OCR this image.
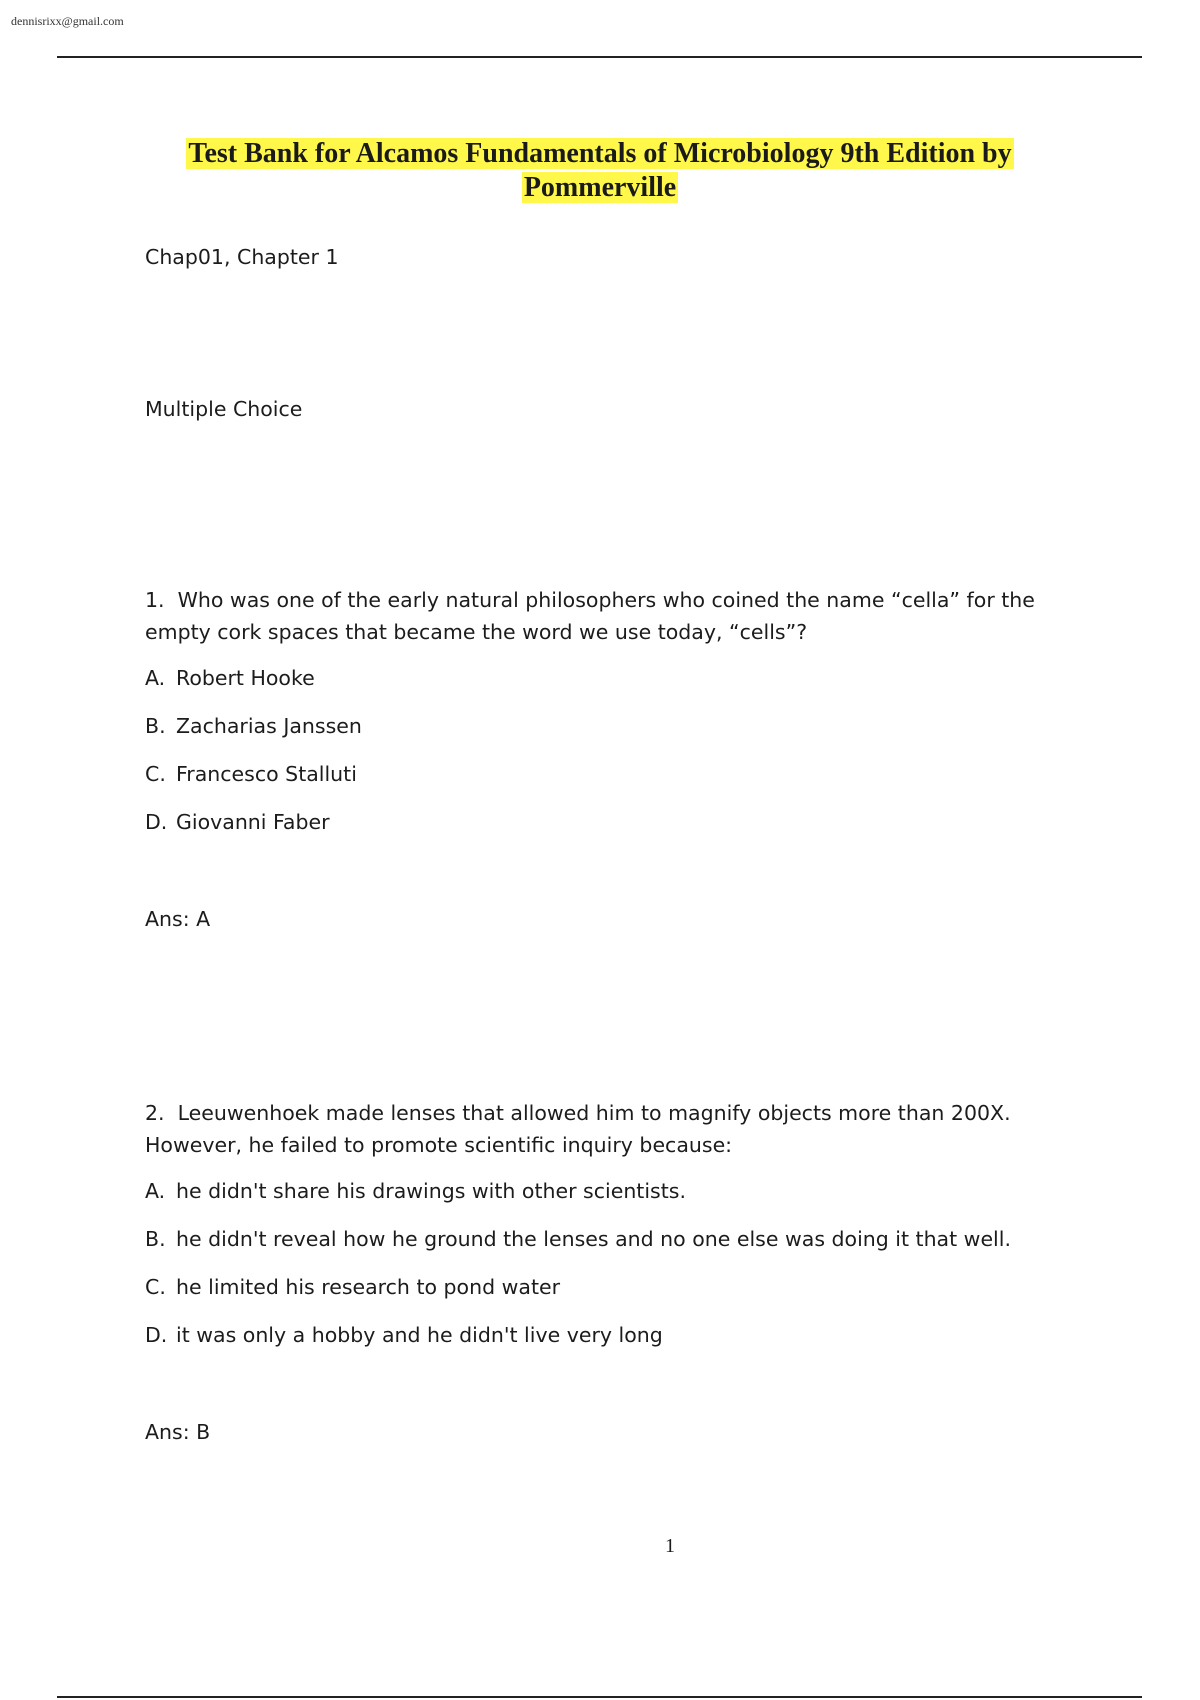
dennisrixx@gmail.com
Test Bank for Alcamos Fundamentals of Microbiology 9th Edition by
Pommerville

Chap01, Chapter 1

Multiple Choice

1. Who was one of the early natural philosophers who coined the name “cella” for the
empty cork spaces that became the word we use today, “cells”?

A. Robert Hooke
B. Zacharias Janssen
C. Francesco Stalluti
D. Giovanni Faber

Ans: A

2. Leeuwenhoek made lenses that allowed him to magnify objects more than 200X.
However, he failed to promote scientific inquiry because:

A. he didn't share his drawings with other scientists.
B. he didn't reveal how he ground the lenses and no one else was doing it that well.
C. he limited his research to pond water
D. it was only a hobby and he didn't live very long

Ans: B

1
